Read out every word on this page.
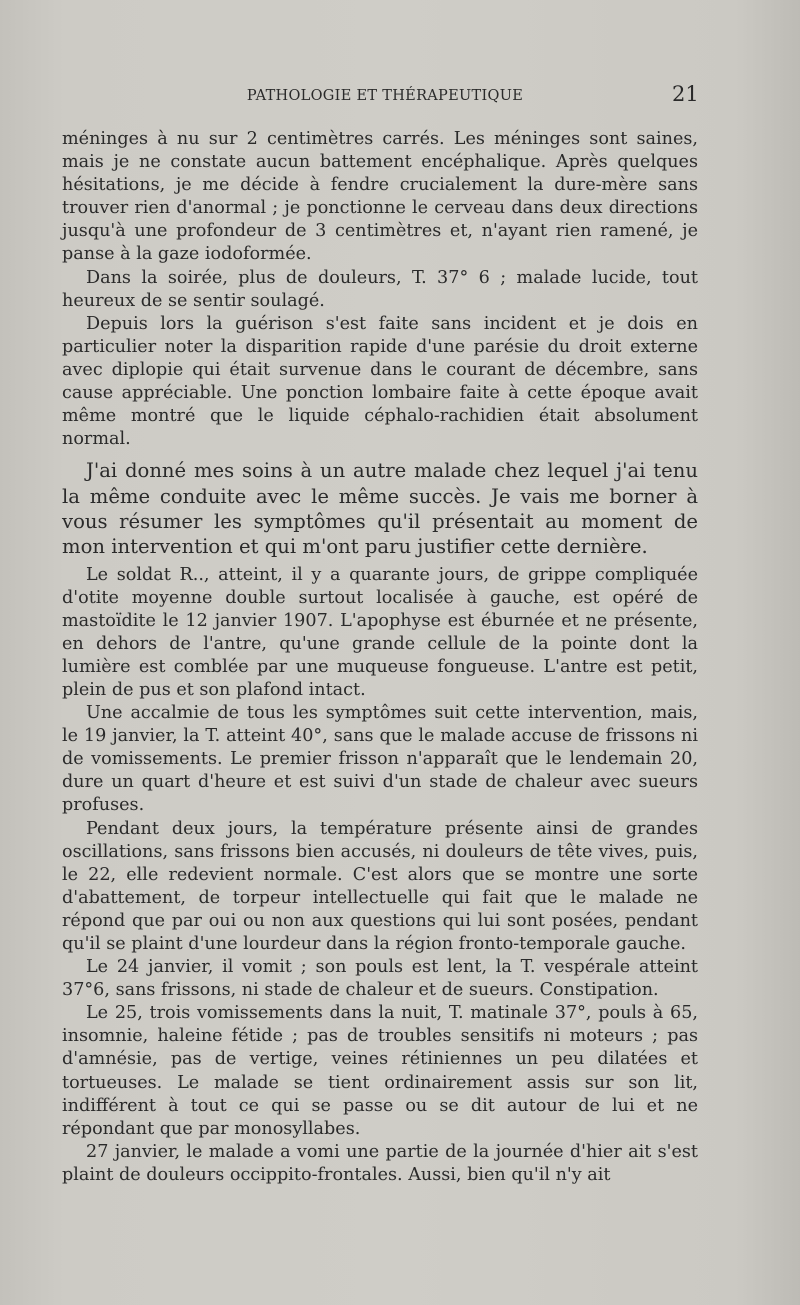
PATHOLOGIE ET THÉRAPEUTIQUE	21

méninges à nu sur 2 centimètres carrés. Les méninges sont saines, mais je ne constate aucun battement encéphalique. Après quelques hésitations, je me décide à fendre crucialement la dure-mère sans trouver rien d'anormal ; je ponctionne le cerveau dans deux directions jusqu'à une profondeur de 3 centimètres et, n'ayant rien ramené, je panse à la gaze iodoformée.

Dans la soirée, plus de douleurs, T. 37° 6 ; malade lucide, tout heureux de se sentir soulagé.

Depuis lors la guérison s'est faite sans incident et je dois en particulier noter la disparition rapide d'une parésie du droit externe avec diplopie qui était survenue dans le courant de décembre, sans cause appréciable. Une ponction lombaire faite à cette époque avait même montré que le liquide céphalo-rachidien était absolument normal.

J'ai donné mes soins à un autre malade chez lequel j'ai tenu la même conduite avec le même succès. Je vais me borner à vous résumer les symptômes qu'il présentait au moment de mon intervention et qui m'ont paru justifier cette dernière.

Le soldat R.., atteint, il y a quarante jours, de grippe compliquée d'otite moyenne double surtout localisée à gauche, est opéré de mastoïdite le 12 janvier 1907. L'apophyse est éburnée et ne présente, en dehors de l'antre, qu'une grande cellule de la pointe dont la lumière est comblée par une muqueuse fongueuse. L'antre est petit, plein de pus et son plafond intact.

Une accalmie de tous les symptômes suit cette intervention, mais, le 19 janvier, la T. atteint 40°, sans que le malade accuse de frissons ni de vomissements. Le premier frisson n'apparaît que le lendemain 20, dure un quart d'heure et est suivi d'un stade de chaleur avec sueurs profuses.

Pendant deux jours, la température présente ainsi de grandes oscillations, sans frissons bien accusés, ni douleurs de tête vives, puis, le 22, elle redevient normale. C'est alors que se montre une sorte d'abattement, de torpeur intellectuelle qui fait que le malade ne répond que par oui ou non aux questions qui lui sont posées, pendant qu'il se plaint d'une lourdeur dans la région fronto-temporale gauche.

Le 24 janvier, il vomit ; son pouls est lent, la T. vespérale atteint 37°6, sans frissons, ni stade de chaleur et de sueurs. Constipation.

Le 25, trois vomissements dans la nuit, T. matinale 37°, pouls à 65, insomnie, haleine fétide ; pas de troubles sensitifs ni moteurs ; pas d'amnésie, pas de vertige, veines rétiniennes un peu dilatées et tortueuses. Le malade se tient ordinairement assis sur son lit, indifférent à tout ce qui se passe ou se dit autour de lui et ne répondant que par monosyllabes.

27 janvier, le malade a vomi une partie de la journée d'hier ait s'est plaint de douleurs occippito-frontales. Aussi, bien qu'il n'y ait
